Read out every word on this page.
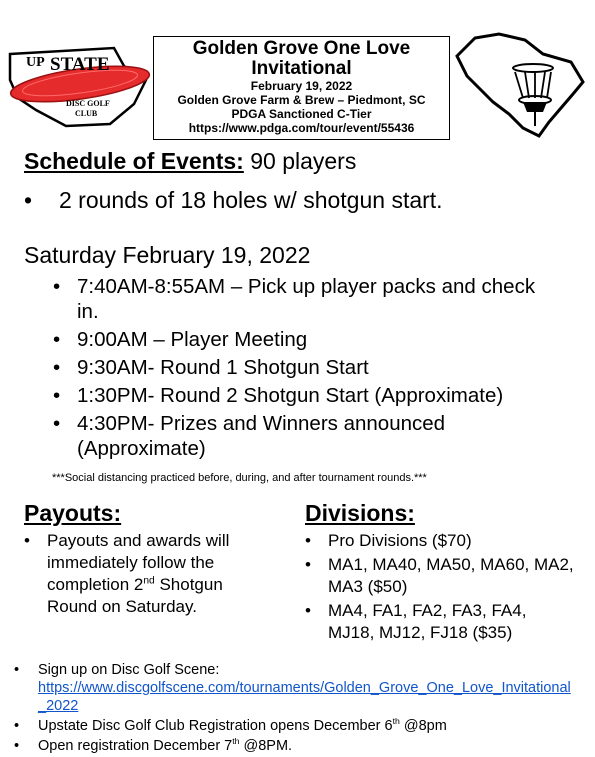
UP STATE
DISC GOLF
CLUB
Golden Grove One Love
Invitational
February 19, 2022
Golden Grove Farm & Brew – Piedmont, SC
PDGA Sanctioned C-Tier
https://www.pdga.com/tour/event/55436
Schedule of Events: 90 players
• 2 rounds of 18 holes w/ shotgun start.
Saturday February 19, 2022
• 7:40AM-8:55AM – Pick up player packs and check in.
• 9:00AM – Player Meeting
• 9:30AM- Round 1 Shotgun Start
• 1:30PM- Round 2 Shotgun Start (Approximate)
• 4:30PM- Prizes and Winners announced (Approximate)
***Social distancing practiced before, during, and after tournament rounds.***
Payouts:
• Payouts and awards will immediately follow the completion 2nd Shotgun Round on Saturday.
Divisions:
• Pro Divisions ($70)
• MA1, MA40, MA50, MA60, MA2, MA3 ($50)
• MA4, FA1, FA2, FA3, FA4, MJ18, MJ12, FJ18 ($35)
• Sign up on Disc Golf Scene:
https://www.discgolfscene.com/tournaments/Golden_Grove_One_Love_Invitational_2022
• Upstate Disc Golf Club Registration opens December 6th @8pm
• Open registration December 7th @8PM.
